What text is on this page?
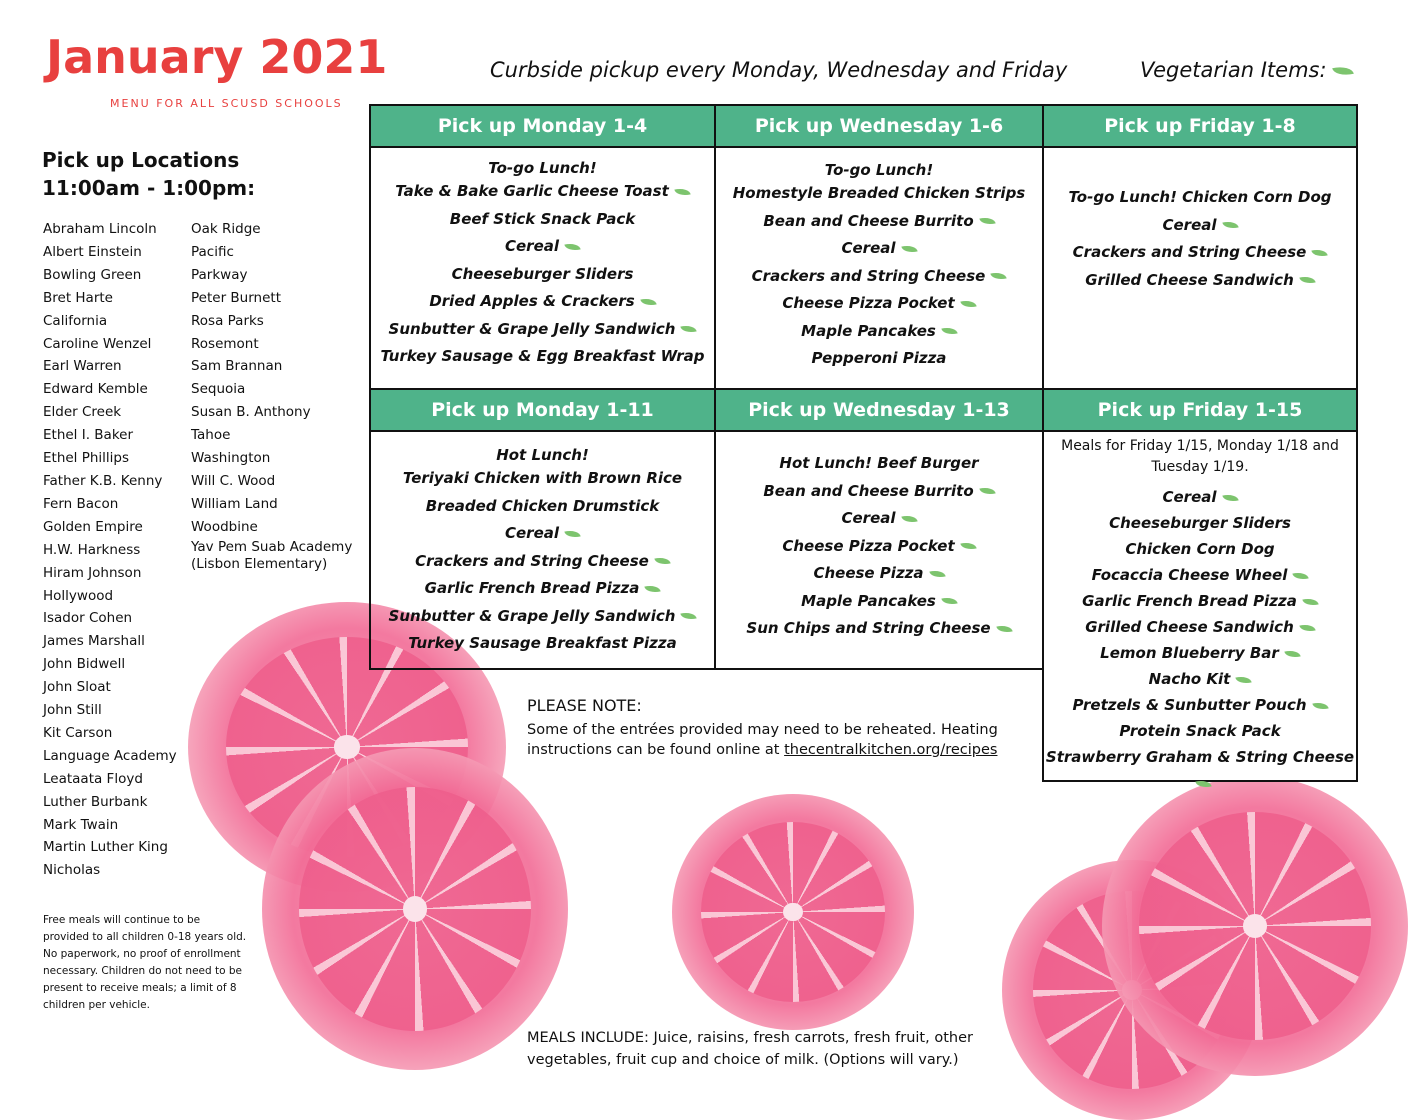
January 2021
MENU FOR ALL SCUSD SCHOOLS
Curbside pickup every Monday, Wednesday and Friday	Vegetarian Items:
Pick up Locations
11:00am - 1:00pm:
Abraham Lincoln
Albert Einstein
Bowling Green
Bret Harte
California
Caroline Wenzel
Earl Warren
Edward Kemble
Elder Creek
Ethel I. Baker
Ethel Phillips
Father K.B. Kenny
Fern Bacon
Golden Empire
H.W. Harkness
Hiram Johnson
Hollywood
Isador Cohen
James Marshall
John Bidwell
John Sloat
John Still
Kit Carson
Language Academy
Leataata Floyd
Luther Burbank
Mark Twain
Martin Luther King
Nicholas
Oak Ridge
Pacific
Parkway
Peter Burnett
Rosa Parks
Rosemont
Sam Brannan
Sequoia
Susan B. Anthony
Tahoe
Washington
Will C. Wood
William Land
Woodbine
Yav Pem Suab Academy (Lisbon Elementary)
Free meals will continue to be provided to all children 0-18 years old. No paperwork, no proof of enrollment necessary. Children do not need to be present to receive meals; a limit of 8 children per vehicle.
Pick up Monday 1-4
To-go Lunch!
Take & Bake Garlic Cheese Toast
Beef Stick Snack Pack
Cereal
Cheeseburger Sliders
Dried Apples & Crackers
Sunbutter & Grape Jelly Sandwich
Turkey Sausage & Egg Breakfast Wrap
Pick up Wednesday 1-6
To-go Lunch!
Homestyle Breaded Chicken Strips
Bean and Cheese Burrito
Cereal
Crackers and String Cheese
Cheese Pizza Pocket
Maple Pancakes
Pepperoni Pizza
Pick up Friday 1-8
To-go Lunch! Chicken Corn Dog
Cereal
Crackers and String Cheese
Grilled Cheese Sandwich
Pick up Monday 1-11
Hot Lunch!
Teriyaki Chicken with Brown Rice
Breaded Chicken Drumstick
Cereal
Crackers and String Cheese
Garlic French Bread Pizza
Sunbutter & Grape Jelly Sandwich
Turkey Sausage Breakfast Pizza
Pick up Wednesday 1-13
Hot Lunch! Beef Burger
Bean and Cheese Burrito
Cereal
Cheese Pizza Pocket
Cheese Pizza
Maple Pancakes
Sun Chips and String Cheese
Pick up Friday 1-15
Meals for Friday 1/15, Monday 1/18 and Tuesday 1/19.
Cereal
Cheeseburger Sliders
Chicken Corn Dog
Focaccia Cheese Wheel
Garlic French Bread Pizza
Grilled Cheese Sandwich
Lemon Blueberry Bar
Nacho Kit
Pretzels & Sunbutter Pouch
Protein Snack Pack
Strawberry Graham & String Cheese
PLEASE NOTE:
Some of the entrées provided may need to be reheated. Heating instructions can be found online at thecentralkitchen.org/recipes
MEALS INCLUDE: Juice, raisins, fresh carrots, fresh fruit, other vegetables, fruit cup and choice of milk. (Options will vary.)
